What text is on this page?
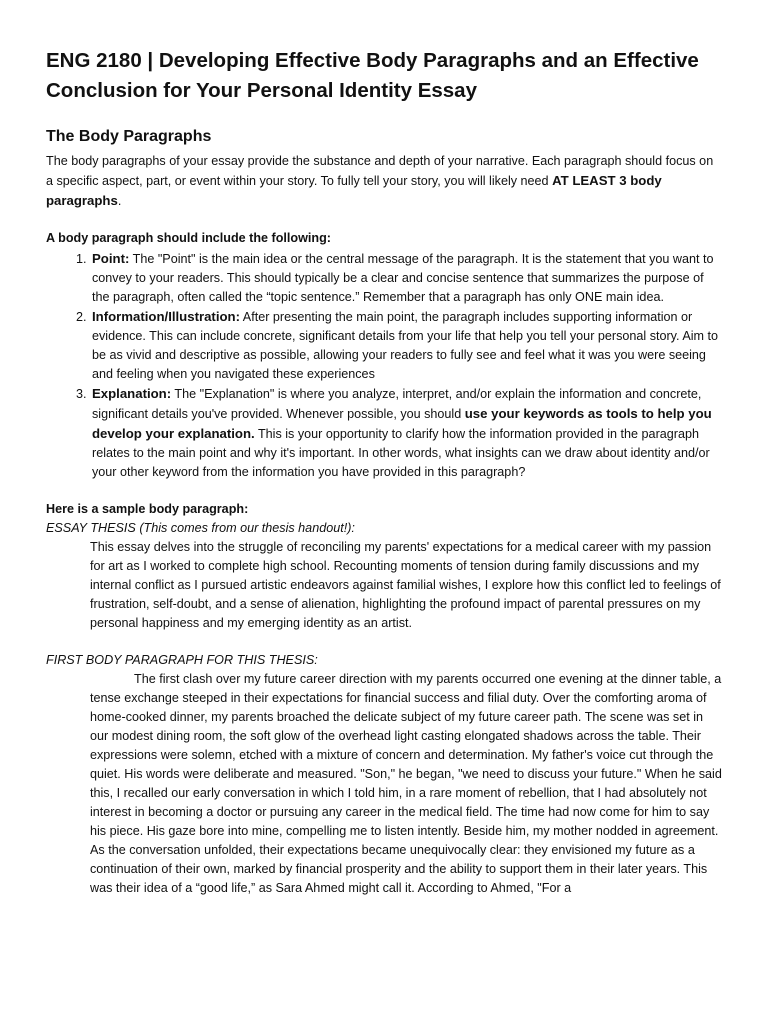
ENG 2180 | Developing Effective Body Paragraphs and an Effective Conclusion for Your Personal Identity Essay
The Body Paragraphs

The body paragraphs of your essay provide the substance and depth of your narrative. Each paragraph should focus on a specific aspect, part, or event within your story. To fully tell your story, you will likely need AT LEAST 3 body paragraphs.

A body paragraph should include the following:

1. Point: The "Point" is the main idea or the central message of the paragraph. It is the statement that you want to convey to your readers. This should typically be a clear and concise sentence that summarizes the purpose of the paragraph, often called the “topic sentence.” Remember that a paragraph has only ONE main idea.
2. Information/Illustration: After presenting the main point, the paragraph includes supporting information or evidence. This can include concrete, significant details from your life that help you tell your personal story. Aim to be as vivid and descriptive as possible, allowing your readers to fully see and feel what it was you were seeing and feeling when you navigated these experiences
3. Explanation: The "Explanation" is where you analyze, interpret, and/or explain the information and concrete, significant details you've provided. Whenever possible, you should use your keywords as tools to help you develop your explanation. This is your opportunity to clarify how the information provided in the paragraph relates to the main point and why it's important. In other words, what insights can we draw about identity and/or your other keyword from the information you have provided in this paragraph?

Here is a sample body paragraph:

ESSAY THESIS (This comes from our thesis handout!):

This essay delves into the struggle of reconciling my parents' expectations for a medical career with my passion for art as I worked to complete high school. Recounting moments of tension during family discussions and my internal conflict as I pursued artistic endeavors against familial wishes, I explore how this conflict led to feelings of frustration, self-doubt, and a sense of alienation, highlighting the profound impact of parental pressures on my personal happiness and my emerging identity as an artist.

FIRST BODY PARAGRAPH FOR THIS THESIS:

The first clash over my future career direction with my parents occurred one evening at the dinner table, a tense exchange steeped in their expectations for financial success and filial duty. Over the comforting aroma of home-cooked dinner, my parents broached the delicate subject of my future career path. The scene was set in our modest dining room, the soft glow of the overhead light casting elongated shadows across the table. Their expressions were solemn, etched with a mixture of concern and determination. My father's voice cut through the quiet. His words were deliberate and measured. "Son," he began, "we need to discuss your future." When he said this, I recalled our early conversation in which I told him, in a rare moment of rebellion, that I had absolutely not interest in becoming a doctor or pursuing any career in the medical field. The time had now come for him to say his piece. His gaze bore into mine, compelling me to listen intently. Beside him, my mother nodded in agreement. As the conversation unfolded, their expectations became unequivocally clear: they envisioned my future as a continuation of their own, marked by financial prosperity and the ability to support them in their later years. This was their idea of a “good life,” as Sara Ahmed might call it. According to Ahmed, "For a
